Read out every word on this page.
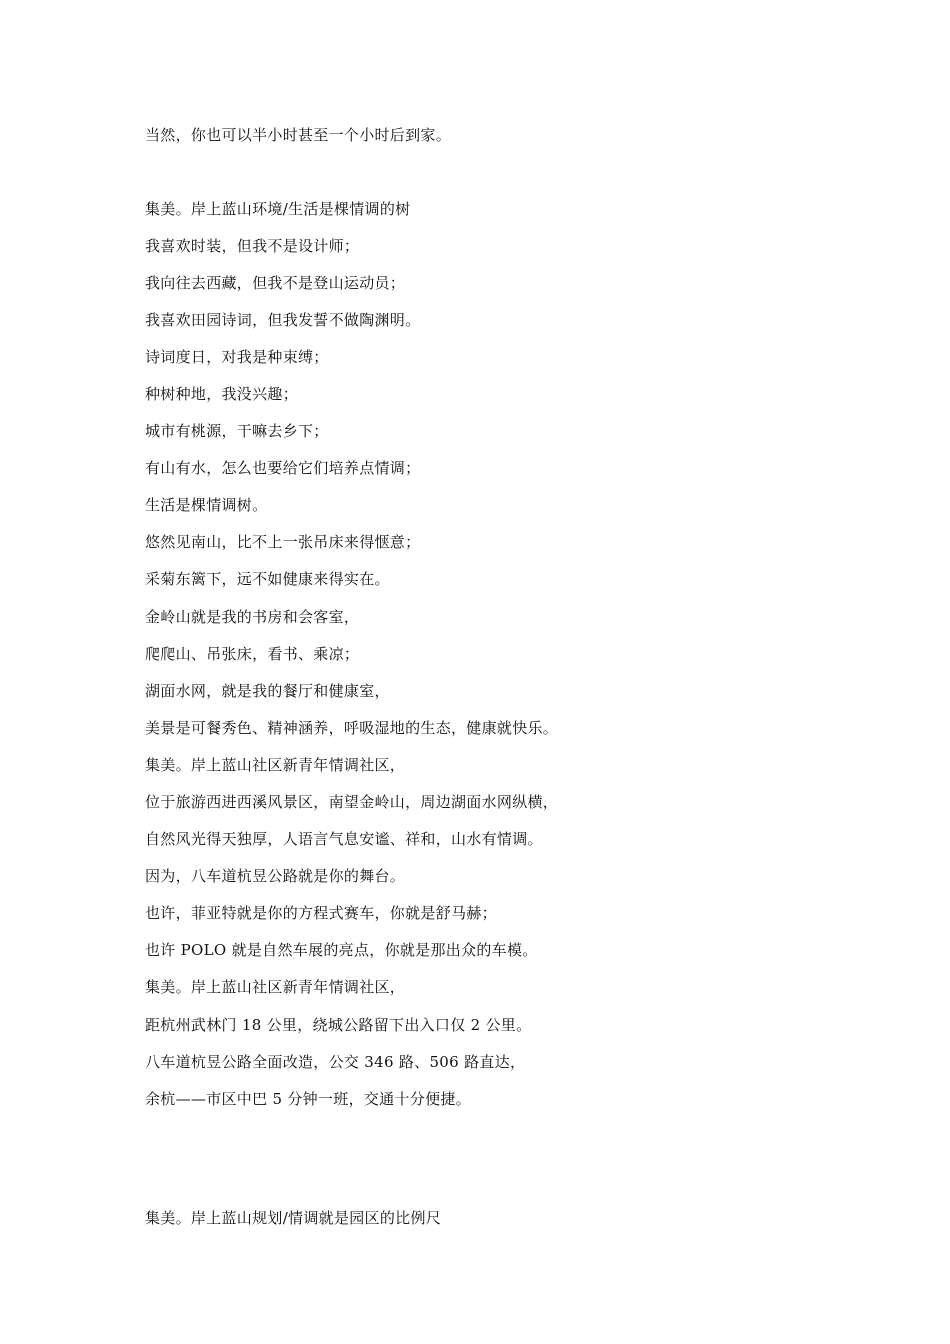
当然，你也可以半小时甚至一个小时后到家。
集美。岸上蓝山环境/生活是棵情调的树
我喜欢时装，但我不是设计师；
我向往去西藏，但我不是登山运动员；
我喜欢田园诗词，但我发誓不做陶渊明。
诗词度日，对我是种束缚；
种树种地，我没兴趣；
城市有桃源，干嘛去乡下；
有山有水，怎么也要给它们培养点情调；
生活是棵情调树。
悠然见南山，比不上一张吊床来得惬意；
采菊东篱下，远不如健康来得实在。
金岭山就是我的书房和会客室，
爬爬山、吊张床，看书、乘凉；
湖面水网，就是我的餐厅和健康室，
美景是可餐秀色、精神涵养，呼吸湿地的生态，健康就快乐。
集美。岸上蓝山社区新青年情调社区，
位于旅游西进西溪风景区，南望金岭山，周边湖面水网纵横，
自然风光得天独厚，人语言气息安谧、祥和，山水有情调。
因为，八车道杭昱公路就是你的舞台。
也许，菲亚特就是你的方程式赛车，你就是舒马赫；
也许 POLO 就是自然车展的亮点，你就是那出众的车模。
集美。岸上蓝山社区新青年情调社区，
距杭州武林门 18 公里，绕城公路留下出入口仅 2 公里。
八车道杭昱公路全面改造，公交 346 路、506 路直达，
余杭——市区中巴 5 分钟一班，交通十分便捷。
集美。岸上蓝山规划/情调就是园区的比例尺
